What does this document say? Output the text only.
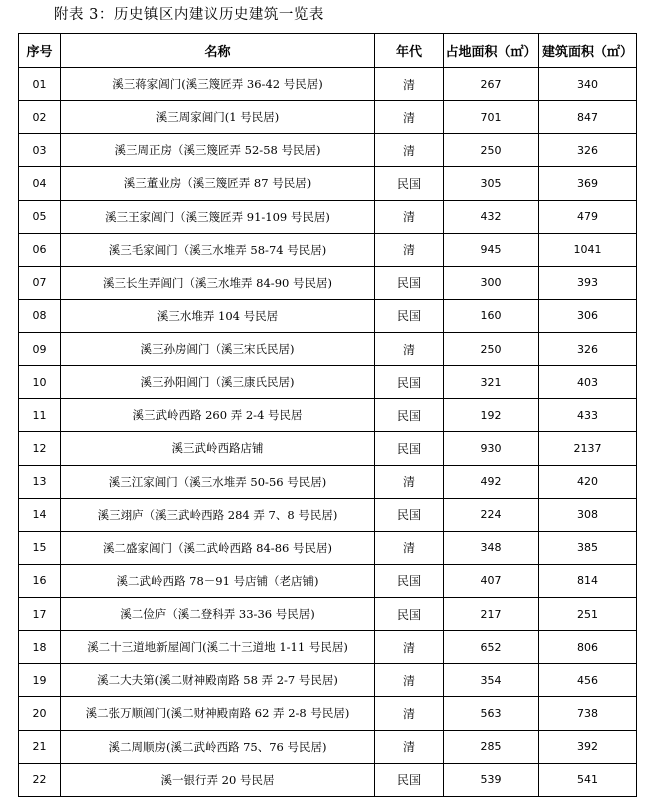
附表 3：历史镇区内建议历史建筑一览表
序号	名称	年代	占地面积（㎡）	建筑面积（㎡）
01	溪三蒋家阊门(溪三篾匠弄 36-42 号民居)	清	267	340
02	溪三周家阊门(1 号民居)	清	701	847
03	溪三周正房（溪三篾匠弄 52-58 号民居)	清	250	326
04	溪三董业房（溪三篾匠弄 87 号民居)	民国	305	369
05	溪三王家阊门（溪三篾匠弄 91-109 号民居)	清	432	479
06	溪三毛家阊门（溪三水堆弄 58-74 号民居)	清	945	1041
07	溪三长生弄阊门（溪三水堆弄 84-90 号民居)	民国	300	393
08	溪三水堆弄 104 号民居	民国	160	306
09	溪三孙房阊门（溪三宋氏民居)	清	250	326
10	溪三孙阳阊门（溪三康氏民居)	民国	321	403
11	溪三武岭西路 260 弄 2-4 号民居	民国	192	433
12	溪三武岭西路店铺	民国	930	2137
13	溪三江家阊门（溪三水堆弄 50-56 号民居)	清	492	420
14	溪三翊庐（溪三武岭西路 284 弄 7、8 号民居)	民国	224	308
15	溪二盛家阊门（溪二武岭西路 84-86 号民居)	清	348	385
16	溪二武岭西路 78－91 号店铺（老店铺)	民国	407	814
17	溪二俭庐（溪二登科弄 33-36 号民居)	民国	217	251
18	溪二十三道地新屋阊门(溪二十三道地 1-11 号民居)	清	652	806
19	溪二大夫第(溪二财神殿南路 58 弄 2-7 号民居)	清	354	456
20	溪二张万顺阊门(溪二财神殿南路 62 弄 2-8 号民居)	清	563	738
21	溪二周顺房(溪二武岭西路 75、76 号民居)	清	285	392
22	溪一银行弄 20 号民居	民国	539	541
